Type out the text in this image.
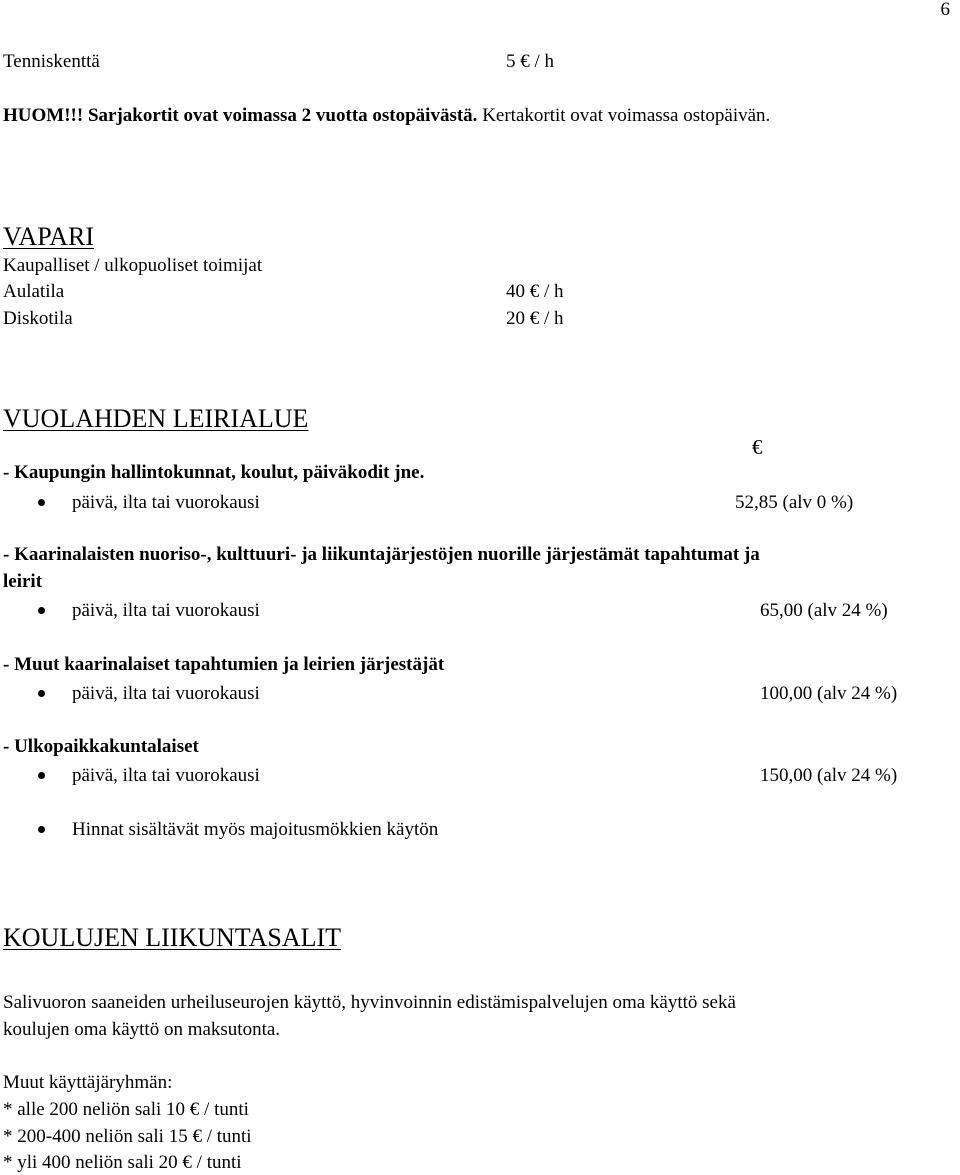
6
Tenniskenttä	5 € / h
HUOM!!! Sarjakortit ovat voimassa 2 vuotta ostopäivästä. Kertakortit ovat voimassa ostopäivän.
VAPARI
Kaupalliset / ulkopuoliset toimijat
Aulatila	40 € / h
Diskotila	20 € / h
VUOLAHDEN LEIRIALUE
€
- Kaupungin hallintokunnat, koulut, päiväkodit jne.
päivä, ilta tai vuorokausi	52,85 (alv 0 %)
- Kaarinalaisten nuoriso-, kulttuuri- ja liikuntajärjestöjen nuorille järjestämät tapahtumat ja
leirit
päivä, ilta tai vuorokausi	65,00 (alv 24 %)
- Muut kaarinalaiset tapahtumien ja leirien järjestäjät
päivä, ilta tai vuorokausi	100,00 (alv 24 %)
- Ulkopaikkakuntalaiset
päivä, ilta tai vuorokausi	150,00 (alv 24 %)
Hinnat sisältävät myös majoitusmökkien käytön
KOULUJEN LIIKUNTASALIT
Salivuoron saaneiden urheiluseurojen käyttö, hyvinvoinnin edistämispalvelujen oma käyttö sekä
koulujen oma käyttö on maksutonta.
Muut käyttäjäryhmän:
* alle 200 neliön sali 10 € / tunti
* 200-400 neliön sali 15 € / tunti
* yli 400 neliön sali 20 € / tunti
